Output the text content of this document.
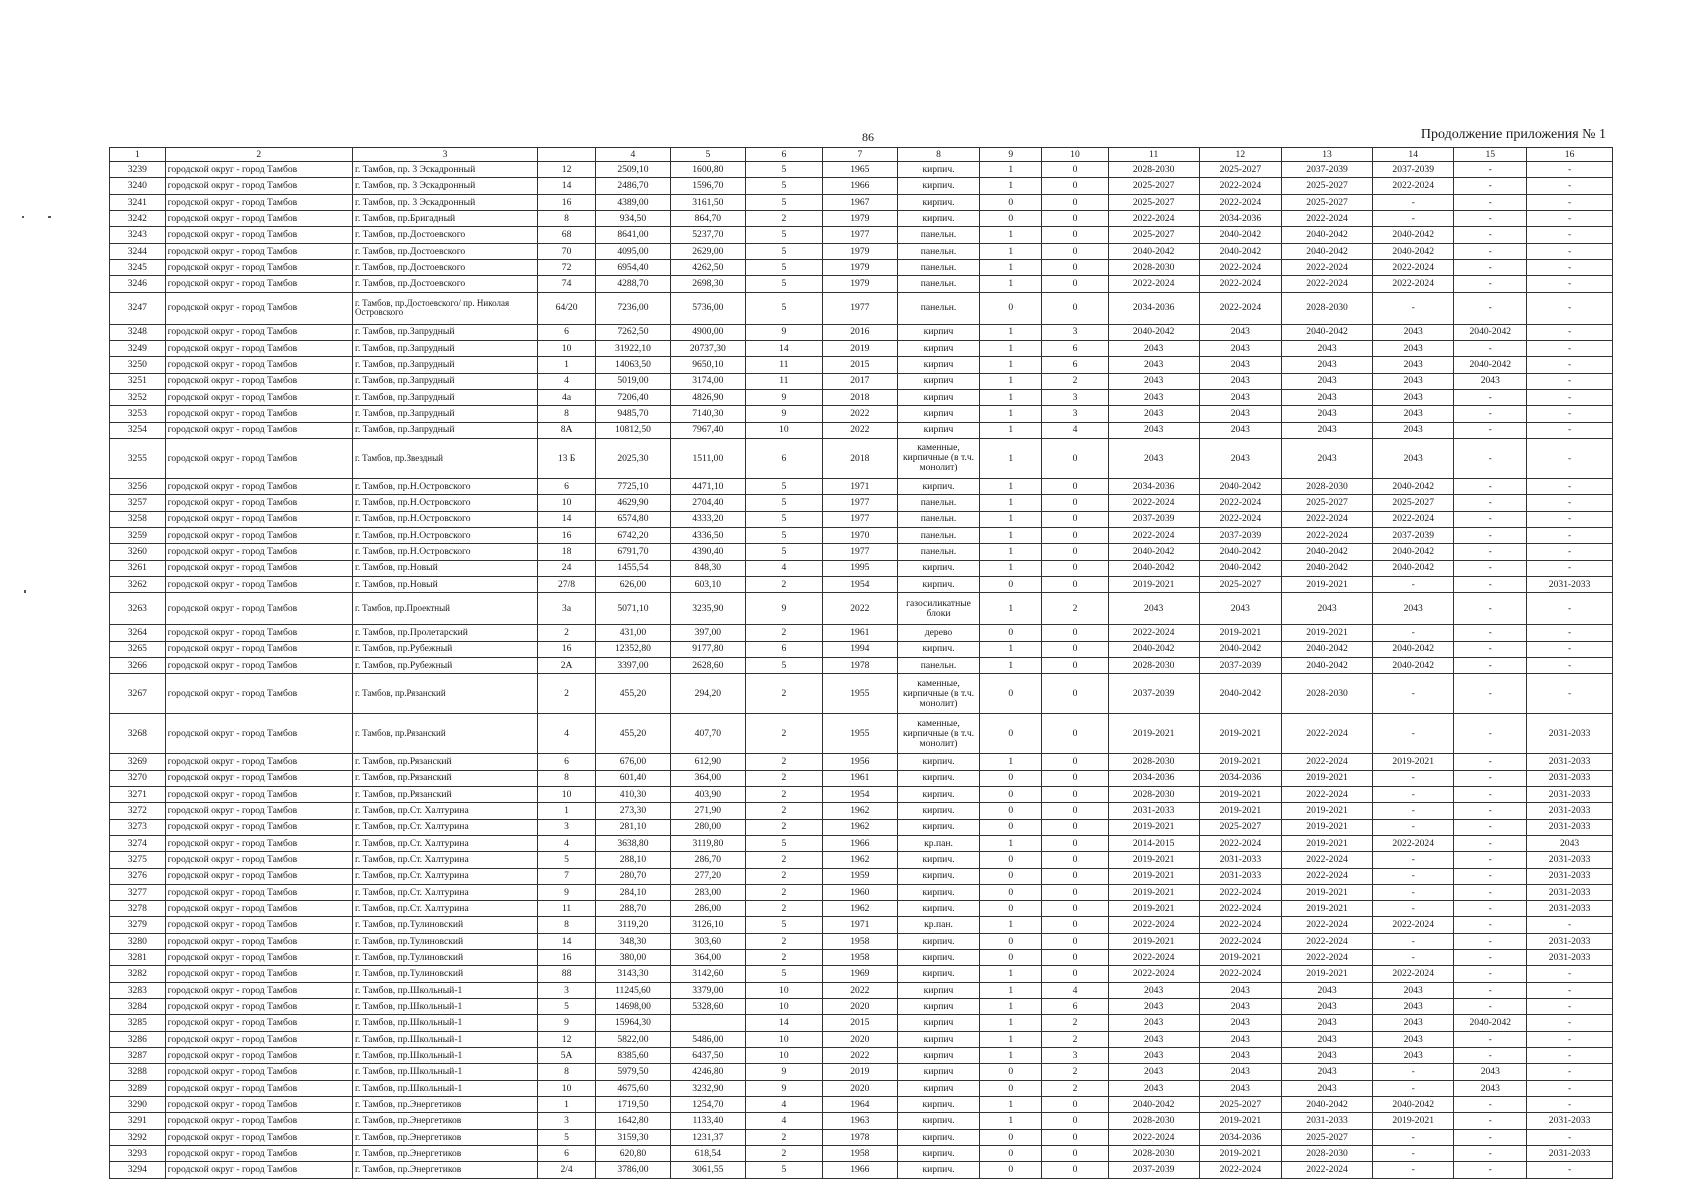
86	Продолжение приложения № 1
1	2	3		4	5	6	7	8	9	10	11	12	13	14	15	16
3239	городской округ - город Тамбов	г. Тамбов, пр. 3 Эскадронный	12	2509,10	1600,80	5	1965	кирпич.	1	0	2028-2030	2025-2027	2037-2039	2037-2039	-	-
3240	городской округ - город Тамбов	г. Тамбов, пр. 3 Эскадронный	14	2486,70	1596,70	5	1966	кирпич.	1	0	2025-2027	2022-2024	2025-2027	2022-2024	-	-
3241	городской округ - город Тамбов	г. Тамбов, пр. 3 Эскадронный	16	4389,00	3161,50	5	1967	кирпич.	0	0	2025-2027	2022-2024	2025-2027	-	-	-
3242	городской округ - город Тамбов	г. Тамбов, пр.Бригадный	8	934,50	864,70	2	1979	кирпич.	0	0	2022-2024	2034-2036	2022-2024	-	-	-
3243	городской округ - город Тамбов	г. Тамбов, пр.Достоевского	68	8641,00	5237,70	5	1977	панельн.	1	0	2025-2027	2040-2042	2040-2042	2040-2042	-	-
3244	городской округ - город Тамбов	г. Тамбов, пр.Достоевского	70	4095,00	2629,00	5	1979	панельн.	1	0	2040-2042	2040-2042	2040-2042	2040-2042	-	-
3245	городской округ - город Тамбов	г. Тамбов, пр.Достоевского	72	6954,40	4262,50	5	1979	панельн.	1	0	2028-2030	2022-2024	2022-2024	2022-2024	-	-
3246	городской округ - город Тамбов	г. Тамбов, пр.Достоевского	74	4288,70	2698,30	5	1979	панельн.	1	0	2022-2024	2022-2024	2022-2024	2022-2024	-	-
3247	городской округ - город Тамбов	г. Тамбов, пр.Достоевского/ пр. Николая Островского	64/20	7236,00	5736,00	5	1977	панельн.	0	0	2034-2036	2022-2024	2028-2030	-	-	-
3248	городской округ - город Тамбов	г. Тамбов, пр.Запрудный	6	7262,50	4900,00	9	2016	кирпич	1	3	2040-2042	2043	2040-2042	2043	2040-2042	-
3249	городской округ - город Тамбов	г. Тамбов, пр.Запрудный	10	31922,10	20737,30	14	2019	кирпич	1	6	2043	2043	2043	2043	-	-
3250	городской округ - город Тамбов	г. Тамбов, пр.Запрудный	1	14063,50	9650,10	11	2015	кирпич	1	6	2043	2043	2043	2043	2040-2042	-
3251	городской округ - город Тамбов	г. Тамбов, пр.Запрудный	4	5019,00	3174,00	11	2017	кирпич	1	2	2043	2043	2043	2043	2043	-
3252	городской округ - город Тамбов	г. Тамбов, пр.Запрудный	4а	7206,40	4826,90	9	2018	кирпич	1	3	2043	2043	2043	2043	-	-
3253	городской округ - город Тамбов	г. Тамбов, пр.Запрудный	8	9485,70	7140,30	9	2022	кирпич	1	3	2043	2043	2043	2043	-	-
3254	городской округ - город Тамбов	г. Тамбов, пр.Запрудный	8А	10812,50	7967,40	10	2022	кирпич	1	4	2043	2043	2043	2043	-	-
3255	городской округ - город Тамбов	г. Тамбов, пр.Звездный	13 Б	2025,30	1511,00	6	2018	каменные, кирпичные (в т.ч. монолит)	1	0	2043	2043	2043	2043	-	-
3256	городской округ - город Тамбов	г. Тамбов, пр.Н.Островского	6	7725,10	4471,10	5	1971	кирпич.	1	0	2034-2036	2040-2042	2028-2030	2040-2042	-	-
3257	городской округ - город Тамбов	г. Тамбов, пр.Н.Островского	10	4629,90	2704,40	5	1977	панельн.	1	0	2022-2024	2022-2024	2025-2027	2025-2027	-	-
3258	городской округ - город Тамбов	г. Тамбов, пр.Н.Островского	14	6574,80	4333,20	5	1977	панельн.	1	0	2037-2039	2022-2024	2022-2024	2022-2024	-	-
3259	городской округ - город Тамбов	г. Тамбов, пр.Н.Островского	16	6742,20	4336,50	5	1970	панельн.	1	0	2022-2024	2037-2039	2022-2024	2037-2039	-	-
3260	городской округ - город Тамбов	г. Тамбов, пр.Н.Островского	18	6791,70	4390,40	5	1977	панельн.	1	0	2040-2042	2040-2042	2040-2042	2040-2042	-	-
3261	городской округ - город Тамбов	г. Тамбов, пр.Новый	24	1455,54	848,30	4	1995	кирпич.	1	0	2040-2042	2040-2042	2040-2042	2040-2042	-	-
3262	городской округ - город Тамбов	г. Тамбов, пр.Новый	27/8	626,00	603,10	2	1954	кирпич.	0	0	2019-2021	2025-2027	2019-2021	-	-	2031-2033
3263	городской округ - город Тамбов	г. Тамбов, пр.Проектный	3а	5071,10	3235,90	9	2022	газосиликатные блоки	1	2	2043	2043	2043	2043	-	-
3264	городской округ - город Тамбов	г. Тамбов, пр.Пролетарский	2	431,00	397,00	2	1961	дерево	0	0	2022-2024	2019-2021	2019-2021	-	-	-
3265	городской округ - город Тамбов	г. Тамбов, пр.Рубежный	16	12352,80	9177,80	6	1994	кирпич.	1	0	2040-2042	2040-2042	2040-2042	2040-2042	-	-
3266	городской округ - город Тамбов	г. Тамбов, пр.Рубежный	2А	3397,00	2628,60	5	1978	панельн.	1	0	2028-2030	2037-2039	2040-2042	2040-2042	-	-
3267	городской округ - город Тамбов	г. Тамбов, пр.Рязанский	2	455,20	294,20	2	1955	каменные, кирпичные (в т.ч. монолит)	0	0	2037-2039	2040-2042	2028-2030	-	-	-
3268	городской округ - город Тамбов	г. Тамбов, пр.Рязанский	4	455,20	407,70	2	1955	каменные, кирпичные (в т.ч. монолит)	0	0	2019-2021	2019-2021	2022-2024	-	-	2031-2033
3269	городской округ - город Тамбов	г. Тамбов, пр.Рязанский	6	676,00	612,90	2	1956	кирпич.	1	0	2028-2030	2019-2021	2022-2024	2019-2021	-	2031-2033
3270	городской округ - город Тамбов	г. Тамбов, пр.Рязанский	8	601,40	364,00	2	1961	кирпич.	0	0	2034-2036	2034-2036	2019-2021	-	-	2031-2033
3271	городской округ - город Тамбов	г. Тамбов, пр.Рязанский	10	410,30	403,90	2	1954	кирпич.	0	0	2028-2030	2019-2021	2022-2024	-	-	2031-2033
3272	городской округ - город Тамбов	г. Тамбов, пр.Ст. Халтурина	1	273,30	271,90	2	1962	кирпич.	0	0	2031-2033	2019-2021	2019-2021	-	-	2031-2033
3273	городской округ - город Тамбов	г. Тамбов, пр.Ст. Халтурина	3	281,10	280,00	2	1962	кирпич.	0	0	2019-2021	2025-2027	2019-2021	-	-	2031-2033
3274	городской округ - город Тамбов	г. Тамбов, пр.Ст. Халтурина	4	3638,80	3119,80	5	1966	кр.пан.	1	0	2014-2015	2022-2024	2019-2021	2022-2024	-	2043
3275	городской округ - город Тамбов	г. Тамбов, пр.Ст. Халтурина	5	288,10	286,70	2	1962	кирпич.	0	0	2019-2021	2031-2033	2022-2024	-	-	2031-2033
3276	городской округ - город Тамбов	г. Тамбов, пр.Ст. Халтурина	7	280,70	277,20	2	1959	кирпич.	0	0	2019-2021	2031-2033	2022-2024	-	-	2031-2033
3277	городской округ - город Тамбов	г. Тамбов, пр.Ст. Халтурина	9	284,10	283,00	2	1960	кирпич.	0	0	2019-2021	2022-2024	2019-2021	-	-	2031-2033
3278	городской округ - город Тамбов	г. Тамбов, пр.Ст. Халтурина	11	288,70	286,00	2	1962	кирпич.	0	0	2019-2021	2022-2024	2019-2021	-	-	2031-2033
3279	городской округ - город Тамбов	г. Тамбов, пр.Тулиновский	8	3119,20	3126,10	5	1971	кр.пан.	1	0	2022-2024	2022-2024	2022-2024	2022-2024	-	-
3280	городской округ - город Тамбов	г. Тамбов, пр.Тулиновский	14	348,30	303,60	2	1958	кирпич.	0	0	2019-2021	2022-2024	2022-2024	-	-	2031-2033
3281	городской округ - город Тамбов	г. Тамбов, пр.Тулиновский	16	380,00	364,00	2	1958	кирпич.	0	0	2022-2024	2019-2021	2022-2024	-	-	2031-2033
3282	городской округ - город Тамбов	г. Тамбов, пр.Тулиновский	88	3143,30	3142,60	5	1969	кирпич.	1	0	2022-2024	2022-2024	2019-2021	2022-2024	-	-
3283	городской округ - город Тамбов	г. Тамбов, пр.Школьный-1	3	11245,60	3379,00	10	2022	кирпич	1	4	2043	2043	2043	2043	-	-
3284	городской округ - город Тамбов	г. Тамбов, пр.Школьный-1	5	14698,00	5328,60	10	2020	кирпич	1	6	2043	2043	2043	2043	-	-
3285	городской округ - город Тамбов	г. Тамбов, пр.Школьный-1	9	15964,30		14	2015	кирпич	1	2	2043	2043	2043	2043	2040-2042	-
3286	городской округ - город Тамбов	г. Тамбов, пр.Школьный-1	12	5822,00	5486,00	10	2020	кирпич	1	2	2043	2043	2043	2043	-	-
3287	городской округ - город Тамбов	г. Тамбов, пр.Школьный-1	5А	8385,60	6437,50	10	2022	кирпич	1	3	2043	2043	2043	2043	-	-
3288	городской округ - город Тамбов	г. Тамбов, пр.Школьный-1	8	5979,50	4246,80	9	2019	кирпич	0	2	2043	2043	2043	-	2043	-
3289	городской округ - город Тамбов	г. Тамбов, пр.Школьный-1	10	4675,60	3232,90	9	2020	кирпич	0	2	2043	2043	2043	-	2043	-
3290	городской округ - город Тамбов	г. Тамбов, пр.Энергетиков	1	1719,50	1254,70	4	1964	кирпич.	1	0	2040-2042	2025-2027	2040-2042	2040-2042	-	-
3291	городской округ - город Тамбов	г. Тамбов, пр.Энергетиков	3	1642,80	1133,40	4	1963	кирпич.	1	0	2028-2030	2019-2021	2031-2033	2019-2021	-	2031-2033
3292	городской округ - город Тамбов	г. Тамбов, пр.Энергетиков	5	3159,30	1231,37	2	1978	кирпич.	0	0	2022-2024	2034-2036	2025-2027	-	-	-
3293	городской округ - город Тамбов	г. Тамбов, пр.Энергетиков	6	620,80	618,54	2	1958	кирпич.	0	0	2028-2030	2019-2021	2028-2030	-	-	2031-2033
3294	городской округ - город Тамбов	г. Тамбов, пр.Энергетиков	2/4	3786,00	3061,55	5	1966	кирпич.	0	0	2037-2039	2022-2024	2022-2024	-	-	-
